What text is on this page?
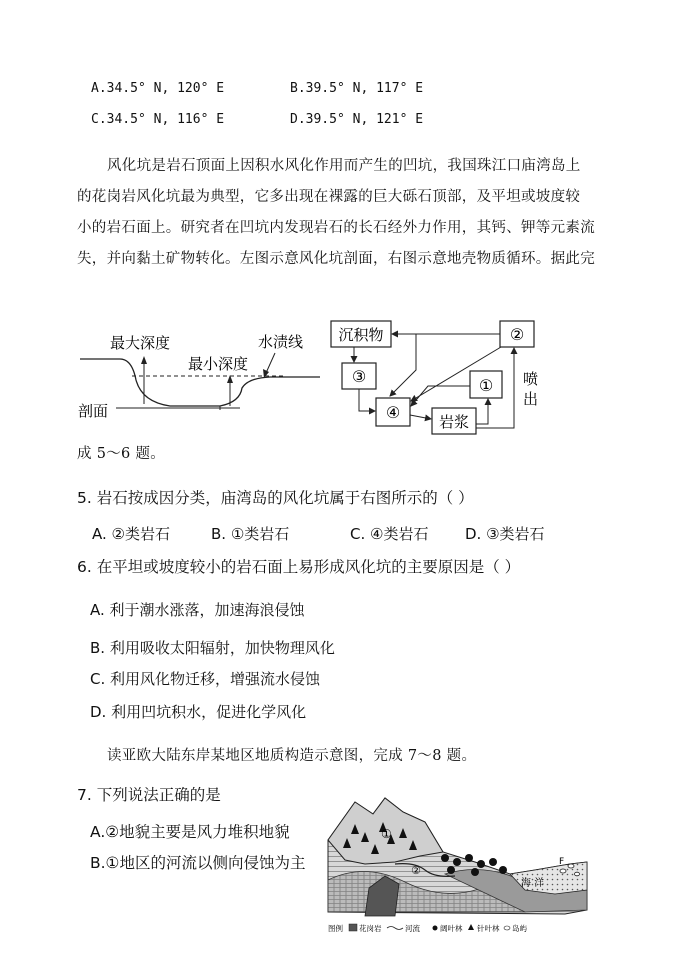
A.34.5° N, 120° E	B.39.5° N, 117° E
C.34.5° N, 116° E	D.39.5° N, 121° E
风化坑是岩石顶面上因积水风化作用而产生的凹坑，我国珠江口庙湾岛上
的花岗岩风化坑最为典型，它多出现在裸露的巨大砾石顶部，及平坦或坡度较
小的岩石面上。研究者在凹坑内发现岩石的长石经外力作用，其钙、钾等元素流
失，并向黏土矿物转化。左图示意风化坑剖面，右图示意地壳物质循环。据此完
最大深度
最小深度
水渍线
剖面
沉积物	②
③	①
④	岩浆
喷
出
成 5～6 题。
5. 岩石按成因分类，庙湾岛的风化坑属于右图所示的（ ）
A. ②类岩石	B. ①类岩石	C. ④类岩石 D. ③类岩石
6. 在平坦或坡度较小的岩石面上易形成风化坑的主要原因是（ ）
A. 利于潮水涨落，加速海浪侵蚀
B. 利用吸收太阳辐射，加快物理风化
C. 利用风化物迁移，增强流水侵蚀
D. 利用凹坑积水，促进化学风化
读亚欧大陆东岸某地区地质构造示意图，完成 7～8 题。
7. 下列说法正确的是
A.②地貌主要是风力堆积地貌
B.①地区的河流以侧向侵蚀为主
①
②
F
海 洋
图例 花岗岩	河流	阔叶林 针叶林 岛屿
